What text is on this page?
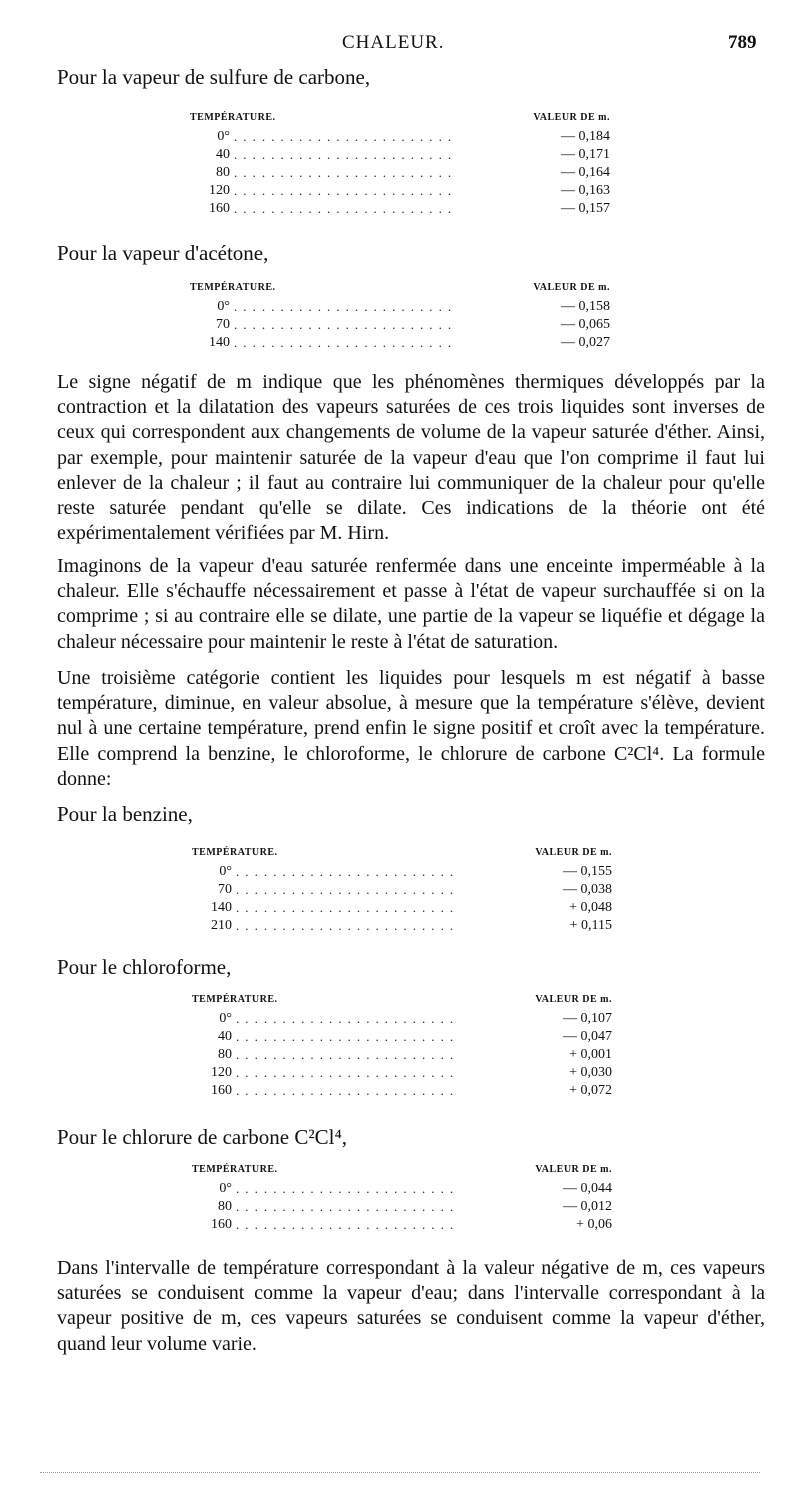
CHALEUR.	789
Pour la vapeur de sulfure de carbone,
TEMPÉRATURE.		VALEUR DE m.
0°	. . . . . . . . . . . . . . . . . . . . . . . .	— 0,184
40	. . . . . . . . . . . . . . . . . . . . . . . .	— 0,171
80	. . . . . . . . . . . . . . . . . . . . . . . .	— 0,164
120	. . . . . . . . . . . . . . . . . . . . . . . .	— 0,163
160	. . . . . . . . . . . . . . . . . . . . . . . .	— 0,157
Pour la vapeur d'acétone,
TEMPÉRATURE.		VALEUR DE m.
0°	. . . . . . . . . . . . . . . . . . . . . . . .	— 0,158
70	. . . . . . . . . . . . . . . . . . . . . . . .	— 0,065
140	. . . . . . . . . . . . . . . . . . . . . . . .	— 0,027
Le signe négatif de m indique que les phénomènes thermiques développés par la contraction et la dilatation des vapeurs saturées de ces trois liquides sont inverses de ceux qui correspondent aux changements de volume de la vapeur saturée d'éther. Ainsi, par exemple, pour maintenir saturée de la vapeur d'eau que l'on comprime il faut lui enlever de la chaleur ; il faut au contraire lui communiquer de la chaleur pour qu'elle reste saturée pendant qu'elle se dilate. Ces indications de la théorie ont été expérimentalement vérifiées par M. Hirn.
Imaginons de la vapeur d'eau saturée renfermée dans une enceinte imperméable à la chaleur. Elle s'échauffe nécessairement et passe à l'état de vapeur surchauffée si on la comprime ; si au contraire elle se dilate, une partie de la vapeur se liquéfie et dégage la chaleur nécessaire pour maintenir le reste à l'état de saturation.
Une troisième catégorie contient les liquides pour lesquels m est négatif à basse température, diminue, en valeur absolue, à mesure que la température s'élève, devient nul à une certaine température, prend enfin le signe positif et croît avec la température. Elle comprend la benzine, le chloroforme, le chlorure de carbone C²Cl⁴. La formule donne:
Pour la benzine,
TEMPÉRATURE.		VALEUR DE m.
0°	. . . . . . . . . . . . . . . . . . . . . . . .	— 0,155
70	. . . . . . . . . . . . . . . . . . . . . . . .	— 0,038
140	. . . . . . . . . . . . . . . . . . . . . . . .	+ 0,048
210	. . . . . . . . . . . . . . . . . . . . . . . .	+ 0,115
Pour le chloroforme,
TEMPÉRATURE.		VALEUR DE m.
0°	. . . . . . . . . . . . . . . . . . . . . . . .	— 0,107
40	. . . . . . . . . . . . . . . . . . . . . . . .	— 0,047
80	. . . . . . . . . . . . . . . . . . . . . . . .	+ 0,001
120	. . . . . . . . . . . . . . . . . . . . . . . .	+ 0,030
160	. . . . . . . . . . . . . . . . . . . . . . . .	+ 0,072
Pour le chlorure de carbone C²Cl⁴,
TEMPÉRATURE.		VALEUR DE m.
0°	. . . . . . . . . . . . . . . . . . . . . . . .	— 0,044
80	. . . . . . . . . . . . . . . . . . . . . . . .	— 0,012
160	. . . . . . . . . . . . . . . . . . . . . . . .	+ 0,06
Dans l'intervalle de température correspondant à la valeur négative de m, ces vapeurs saturées se conduisent comme la vapeur d'eau; dans l'intervalle correspondant à la vapeur positive de m, ces vapeurs saturées se conduisent comme la vapeur d'éther, quand leur volume varie.
